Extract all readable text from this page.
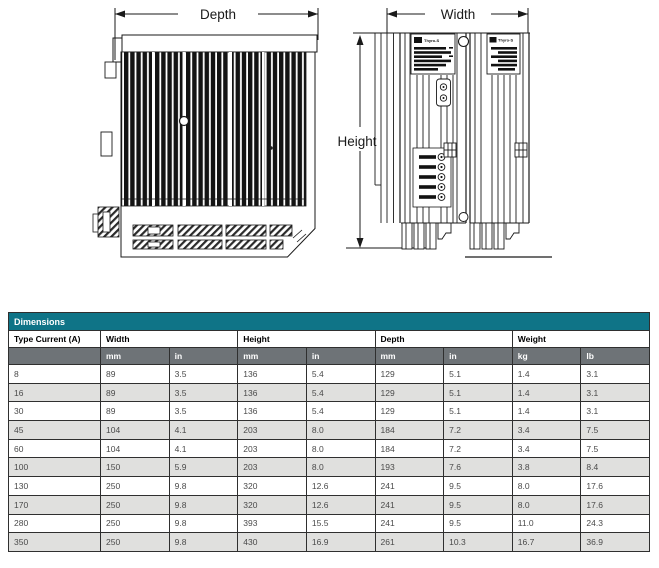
Depth	Width
Height
Thyro-S	Thyro-S
Dimensions								
Type Current (A)	Width		Height		Depth		Weight	
	mm	in	mm	in	mm	in	kg	lb
8	89	3.5	136	5.4	129	5.1	1.4	3.1
16	89	3.5	136	5.4	129	5.1	1.4	3.1
30	89	3.5	136	5.4	129	5.1	1.4	3.1
45	104	4.1	203	8.0	184	7.2	3.4	7.5
60	104	4.1	203	8.0	184	7.2	3.4	7.5
100	150	5.9	203	8.0	193	7.6	3.8	8.4
130	250	9.8	320	12.6	241	9.5	8.0	17.6
170	250	9.8	320	12.6	241	9.5	8.0	17.6
280	250	9.8	393	15.5	241	9.5	11.0	24.3
350	250	9.8	430	16.9	261	10.3	16.7	36.9
